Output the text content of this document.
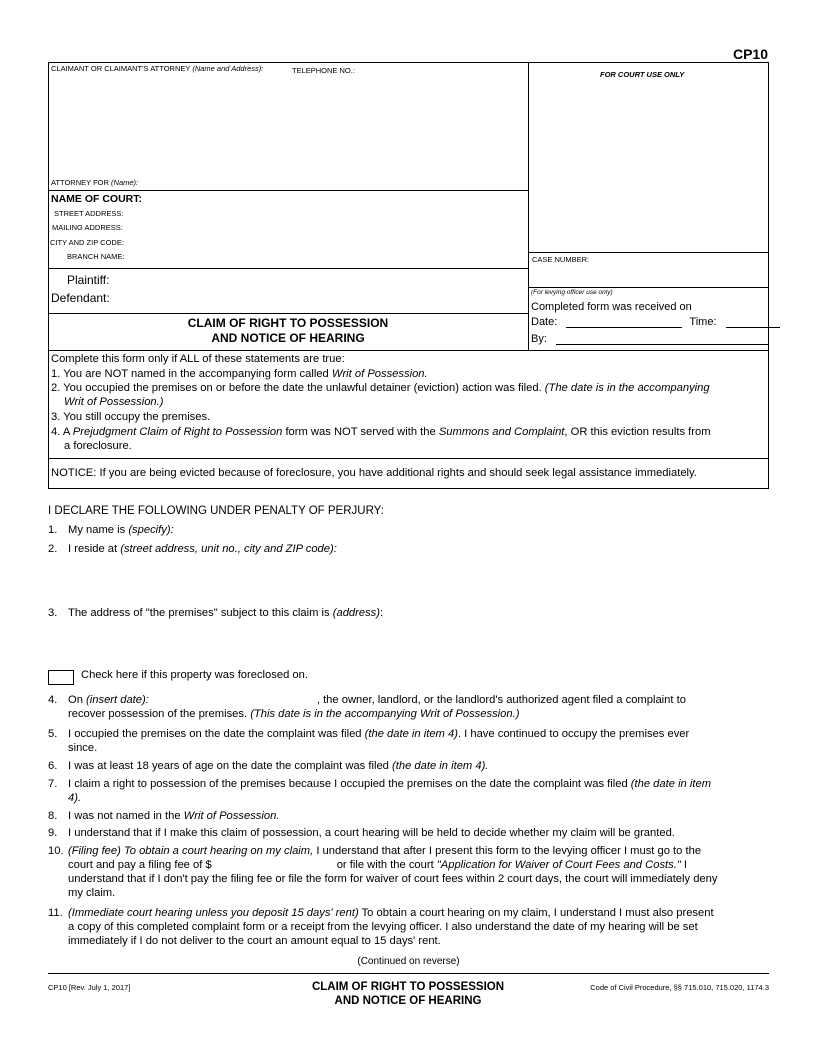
CP10
CLAIMANT OR CLAIMANT'S ATTORNEY (Name and Address):	TELEPHONE NO.:
ATTORNEY FOR (Name):
FOR COURT USE ONLY
NAME OF COURT:
STREET ADDRESS:
MAILING ADDRESS:
CITY AND ZIP CODE:
BRANCH NAME:	CASE NUMBER:
Plaintiff:
Defendant:	(For levying officer use only)
Completed form was received on
Date:	Time:
By:
CLAIM OF RIGHT TO POSSESSION
AND NOTICE OF HEARING
Complete this form only if ALL of these statements are true:
1. You are NOT named in the accompanying form called Writ of Possession.
2. You occupied the premises on or before the date the unlawful detainer (eviction) action was filed. (The date is in the accompanying
Writ of Possession.)
3. You still occupy the premises.
4. A Prejudgment Claim of Right to Possession form was NOT served with the Summons and Complaint, OR this eviction results from
a foreclosure.
NOTICE: If you are being evicted because of foreclosure, you have additional rights and should seek legal assistance immediately.
I DECLARE THE FOLLOWING UNDER PENALTY OF PERJURY:
1. My name is (specify):
2. I reside at (street address, unit no., city and ZIP code):
3. The address of "the premises" subject to this claim is (address):
Check here if this property was foreclosed on.
4. On (insert date):	, the owner, landlord, or the landlord's authorized agent filed a complaint to
recover possession of the premises. (This date is in the accompanying Writ of Possession.)
5. I occupied the premises on the date the complaint was filed (the date in item 4). I have continued to occupy the premises ever
since.
6. I was at least 18 years of age on the date the complaint was filed (the date in item 4).
7. I claim a right to possession of the premises because I occupied the premises on the date the complaint was filed (the date in item
4).
8. I was not named in the Writ of Possession.
9. I understand that if I make this claim of possession, a court hearing will be held to decide whether my claim will be granted.
10. (Filing fee) To obtain a court hearing on my claim, I understand that after I present this form to the levying officer I must go to the
court and pay a filing fee of $	or file with the court "Application for Waiver of Court Fees and Costs." I
understand that if I don't pay the filing fee or file the form for waiver of court fees within 2 court days, the court will immediately deny
my claim.
11. (Immediate court hearing unless you deposit 15 days' rent) To obtain a court hearing on my claim, I understand I must also present
a copy of this completed complaint form or a receipt from the levying officer. I also understand the date of my hearing will be set
immediately if I do not deliver to the court an amount equal to 15 days' rent.
(Continued on reverse)
CP10 [Rev. July 1, 2017]	CLAIM OF RIGHT TO POSSESSION
AND NOTICE OF HEARING
Code of Civil Procedure, §§ 715.010, 715.020, 1174.3
